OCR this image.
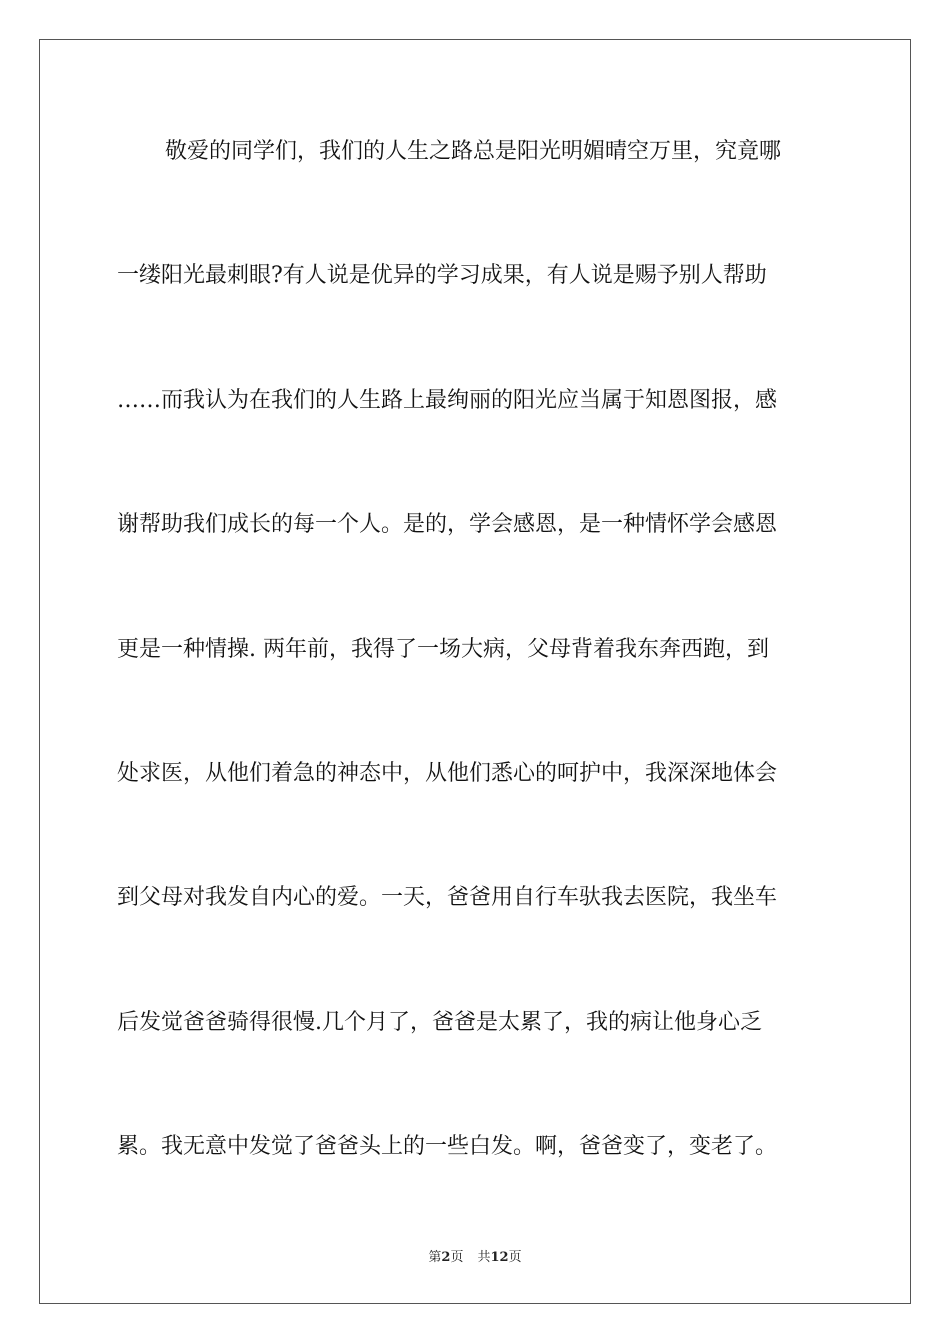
敬爱的同学们，我们的人生之路总是阳光明媚晴空万里，究竟哪
一缕阳光最刺眼?有人说是优异的学习成果，有人说是赐予别人帮助
……而我认为在我们的人生路上最绚丽的阳光应当属于知恩图报，感
谢帮助我们成长的每一个人。是的，学会感恩，是一种情怀学会感恩
更是一种情操. 两年前，我得了一场大病，父母背着我东奔西跑，到
处求医，从他们着急的神态中，从他们悉心的呵护中，我深深地体会
到父母对我发自内心的爱。一天，爸爸用自行车驮我去医院，我坐车
后发觉爸爸骑得很慢.几个月了，爸爸是太累了，我的病让他身心乏
累。我无意中发觉了爸爸头上的一些白发。啊，爸爸变了，变老了。
第2页 共12页
